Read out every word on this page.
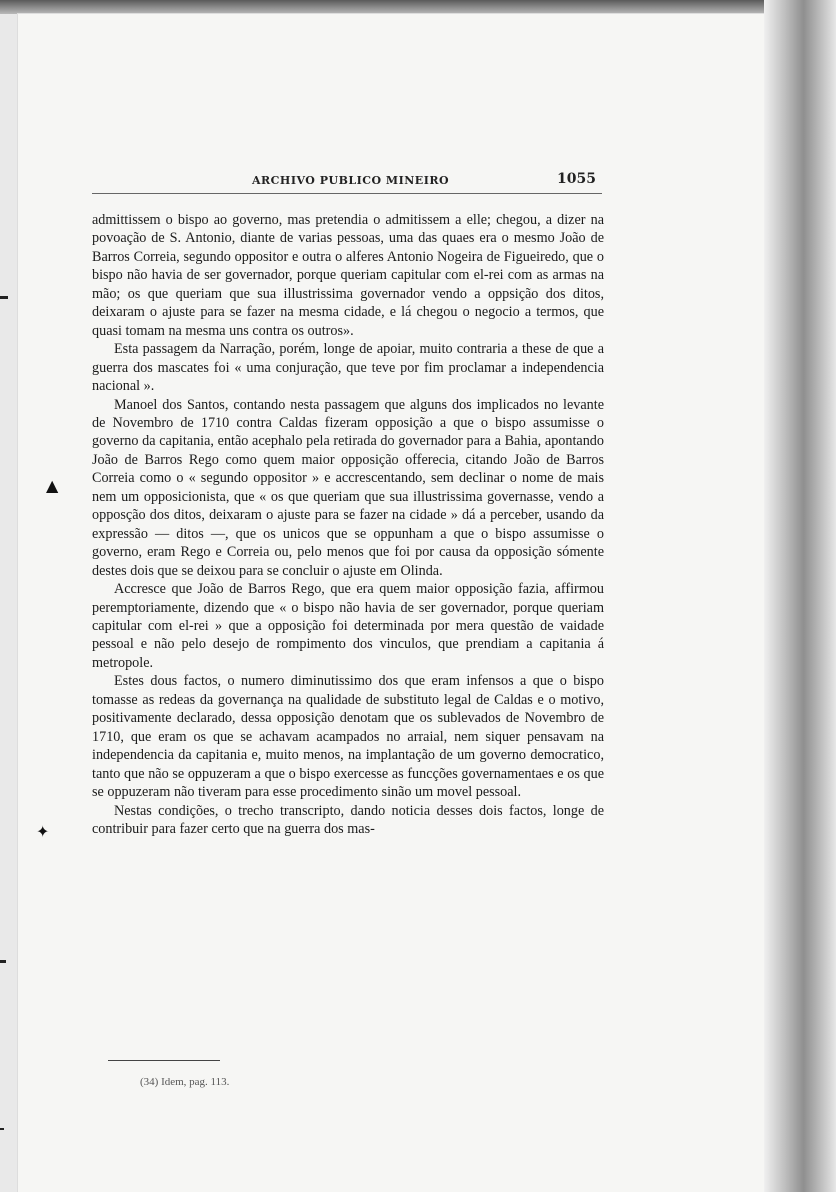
ARCHIVO PUBLICO MINEIRO	1055

admittissem o bispo ao governo, mas pretendia o admitissem a elle; chegou, a dizer na povoação de S. Antonio, diante de varias pessoas, uma das quaes era o mesmo João de Barros Correia, segundo oppositor e outra o alferes Antonio Nogeira de Figueiredo, que o bispo não havia de ser governador, porque queriam capitular com el-rei com as armas na mão; os que queriam que sua illustrissima governador vendo a oppsição dos ditos, deixaram o ajuste para se fazer na mesma cidade, e lá chegou o negocio a termos, que quasi tomam na mesma uns contra os outros».

Esta passagem da Narração, porém, longe de apoiar, muito contraria a these de que a guerra dos mascates foi « uma conjuração, que teve por fim proclamar a independencia nacional ».

Manoel dos Santos, contando nesta passagem que alguns dos implicados no levante de Novembro de 1710 contra Caldas fizeram opposição a que o bispo assumisse o governo da capitania, então acephalo pela retirada do governador para a Bahia, apontando João de Barros Rego como quem maior opposição offerecia, citando João de Barros Correia como o « segundo oppositor » e accrescentando, sem declinar o nome de mais nem um opposicionista, que « os que queriam que sua illustrissima governasse, vendo a opposção dos ditos, deixaram o ajuste para se fazer na cidade » dá a perceber, usando da expressão — ditos —, que os unicos que se oppunham a que o bispo assumisse o governo, eram Rego e Correia ou, pelo menos que foi por causa da opposição sómente destes dois que se deixou para se concluir o ajuste em Olinda.

Accresce que João de Barros Rego, que era quem maior opposição fazia, affirmou peremptoriamente, dizendo que « o bispo não havia de ser governador, porque queriam capitular com el-rei » que a opposição foi determinada por mera questão de vaidade pessoal e não pelo desejo de rompimento dos vinculos, que prendiam a capitania á metropole.

Estes dous factos, o numero diminutissimo dos que eram infensos a que o bispo tomasse as redeas da governança na qualidade de substituto legal de Caldas e o motivo, positivamente declarado, dessa opposição denotam que os sublevados de Novembro de 1710, que eram os que se achavam acampados no arraial, nem siquer pensavam na independencia da capitania e, muito menos, na implantação de um governo democratico, tanto que não se oppuzeram a que o bispo exercesse as funcções governamentaes e os que se oppuzeram não tiveram para esse procedimento sinão um movel pessoal.

Nestas condições, o trecho transcripto, dando noticia desses dois factos, longe de contribuir para fazer certo que na guerra dos mas-

▲
✦
(34) Idem, pag. 113.
